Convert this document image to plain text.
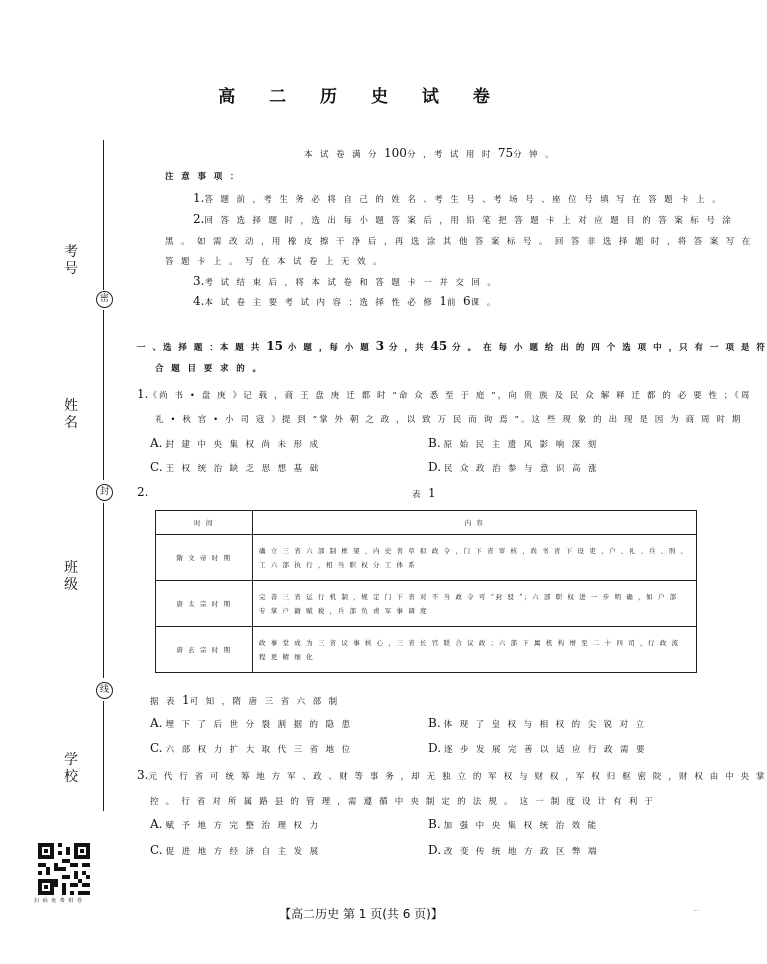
考号
密
姓名
封
班级
线
学校
扫 码 免 费 组 卷
高 二 历 史 试 卷
本 试 卷 满 分 100分 ，考 试 用 时 75分 钟 。
注 意 事 项 ：
1.答 题 前 ，考 生 务 必 将 自 己 的 姓 名 、考 生 号 、考 场 号 、座 位 号 填 写 在 答 题 卡 上 。
2.回 答 选 择 题 时 ，选 出 每 小 题 答 案 后 ，用 铅 笔 把 答 题 卡 上 对 应 题 目 的 答 案 标 号 涂
黑 。 如 需 改 动 ，用 橡 皮 擦 干 净 后 ，再 选 涂 其 他 答 案 标 号 。 回 答 非 选 择 题 时 ，将 答 案 写 在
答 题 卡 上 。 写 在 本 试 卷 上 无 效 。
3.考 试 结 束 后 ，将 本 试 卷 和 答 题 卡 一 并 交 回 。
4.本 试 卷 主 要 考 试 内 容 ：选 择 性 必 修 1前 6课 。
一 、选 择 题 ：本 题 共 15 小 题 ，每 小 题 3 分 ，共 45 分 。 在 每 小 题 给 出 的 四 个 选 项 中 ，只 有 一 项 是 符
合 题 目 要 求 的 。
1.《尚 书 • 盘 庚 》记 载 ，商 王 盘 庚 迁 都 时 “命 众 悉 至 于 庭 ”，向 贵 族 及 民 众 解 释 迁 都 的 必 要 性 ；《周
礼 • 秋 官 • 小 司 寇 》提 到 “掌 外 朝 之 政 ，以 致 万 民 而 询 焉 ”。这 些 现 象 的 出 现 是 因 为 商 周 时 期
A. 封 建 中 央 集 权 尚 未 形 成	B. 原 始 民 主 遗 风 影 响 深 刻
C. 王 权 统 治 缺 乏 思 想 基 础	D. 民 众 政 治 参 与 意 识 高 涨
2.	表 1
时 间	内 容
隋 文 帝 时 期	确 立 三 省 六 部 制 框 架 ，内 史 省 草 拟 政 令 ，门 下 省 审 核 ，尚 书 省 下 设 吏 、户 、礼 、兵 、刑 、
工 六 部 执 行 ，相 当 职 权 分 工 体 系
唐 太 宗 时 期	完 善 三 省 运 行 机 制 ，规 定 门 下 省 对 不 当 政 令 可 “封 驳 ”；六 部 职 权 进 一 步 明 确 ，如 户 部
专 掌 户 籍 赋 税 ，兵 部 负 责 军 事 调 度
唐 玄 宗 时 期	政 事 堂 成 为 三 省 议 事 核 心 ，三 省 长 官 联 合 议 政 ；六 部 下 属 机 构 增 至 二 十 四 司 ，行 政 流
程 更 精 细 化
据 表 1可 知 ，隋 唐 三 省 六 部 制
A. 埋 下 了 后 世 分 裂 割 据 的 隐 患	B. 体 现 了 皇 权 与 相 权 的 尖 锐 对 立
C. 六 部 权 力 扩 大 取 代 三 省 地 位	D. 逐 步 发 展 完 善 以 适 应 行 政 需 要
3.元 代 行 省 可 统 筹 地 方 军 、政 、财 等 事 务 ，却 无 独 立 的 军 权 与 财 权 ，军 权 归 枢 密 院 ，财 权 由 中 央 掌
控 。 行 省 对 所 属 路 县 的 管 理 ，需 遵 循 中 央 制 定 的 法 规 。 这 一 制 度 设 计 有 利 于
A. 赋 予 地 方 完 整 治 理 权 力	B. 加 强 中 央 集 权 统 治 效 能
C. 促 进 地 方 经 济 自 主 发 展	D. 改 变 传 统 地 方 政 区 弊 端
【高二历史 第 1 页(共 6 页)】	...
